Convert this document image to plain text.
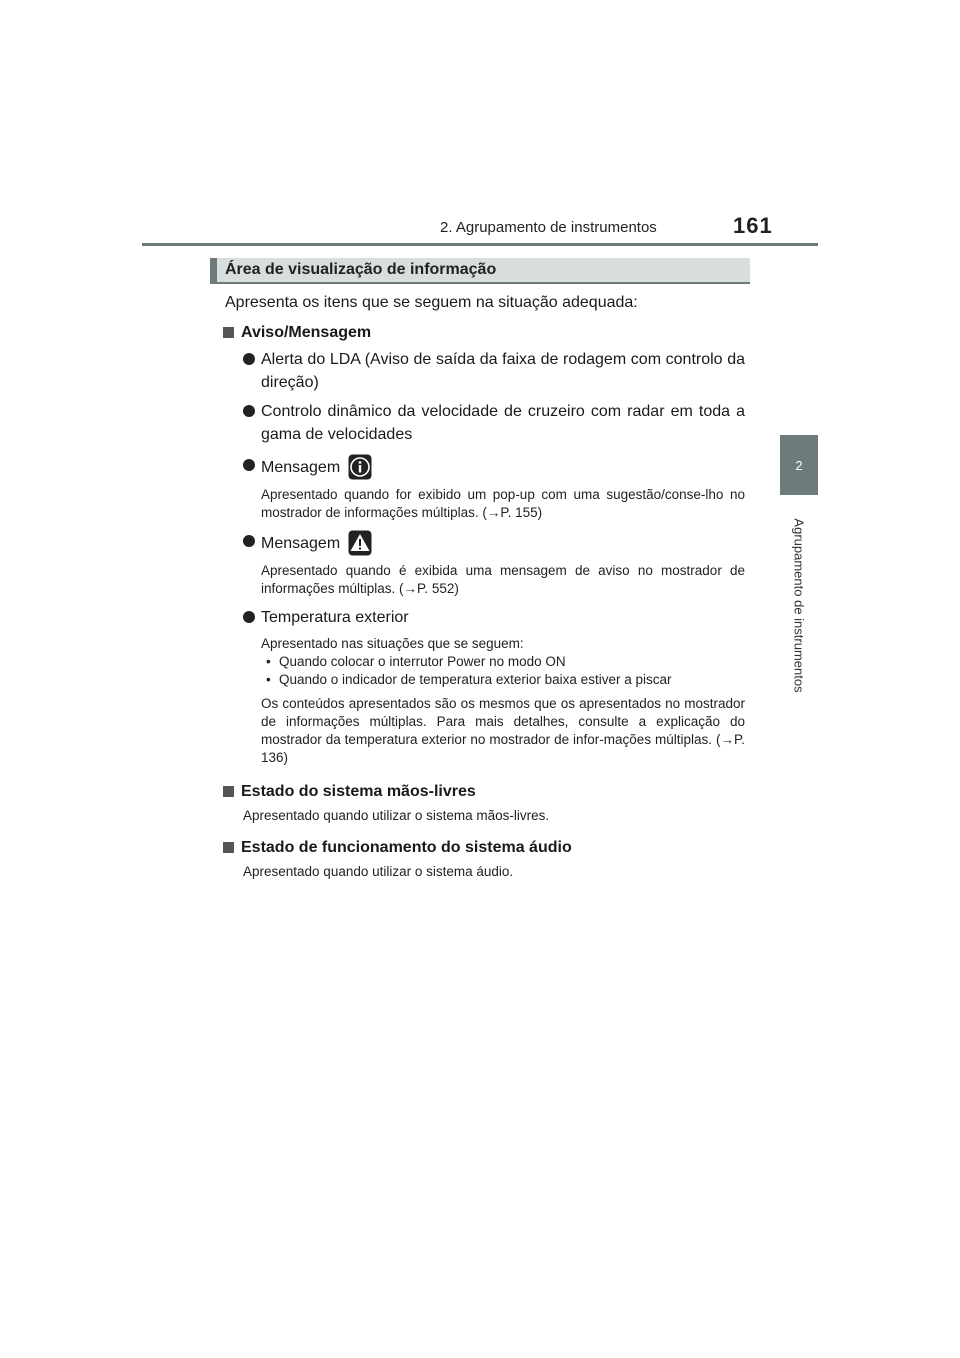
2. Agrupamento de instrumentos	161
2
Agrupamento de instrumentos
Área de visualização de informação

Apresenta os itens que se seguem na situação adequada:

Aviso/Mensagem
Alerta do LDA (Aviso de saída da faixa de rodagem com controlo da direção)
Controlo dinâmico da velocidade de cruzeiro com radar em toda a gama de velocidades
Mensagem
Apresentado quando for exibido um pop-up com uma sugestão/conse-lho no mostrador de informações múltiplas. (→P. 155)
Mensagem
Apresentado quando é exibida uma mensagem de aviso no mostrador de informações múltiplas. (→P. 552)
Temperatura exterior
Apresentado nas situações que se seguem:
• Quando colocar o interrutor Power no modo ON
• Quando o indicador de temperatura exterior baixa estiver a piscar
Os conteúdos apresentados são os mesmos que os apresentados no mostrador de informações múltiplas. Para mais detalhes, consulte a explicação do mostrador da temperatura exterior no mostrador de infor-mações múltiplas. (→P. 136)
Estado do sistema mãos-livres
Apresentado quando utilizar o sistema mãos-livres.
Estado de funcionamento do sistema áudio
Apresentado quando utilizar o sistema áudio.
